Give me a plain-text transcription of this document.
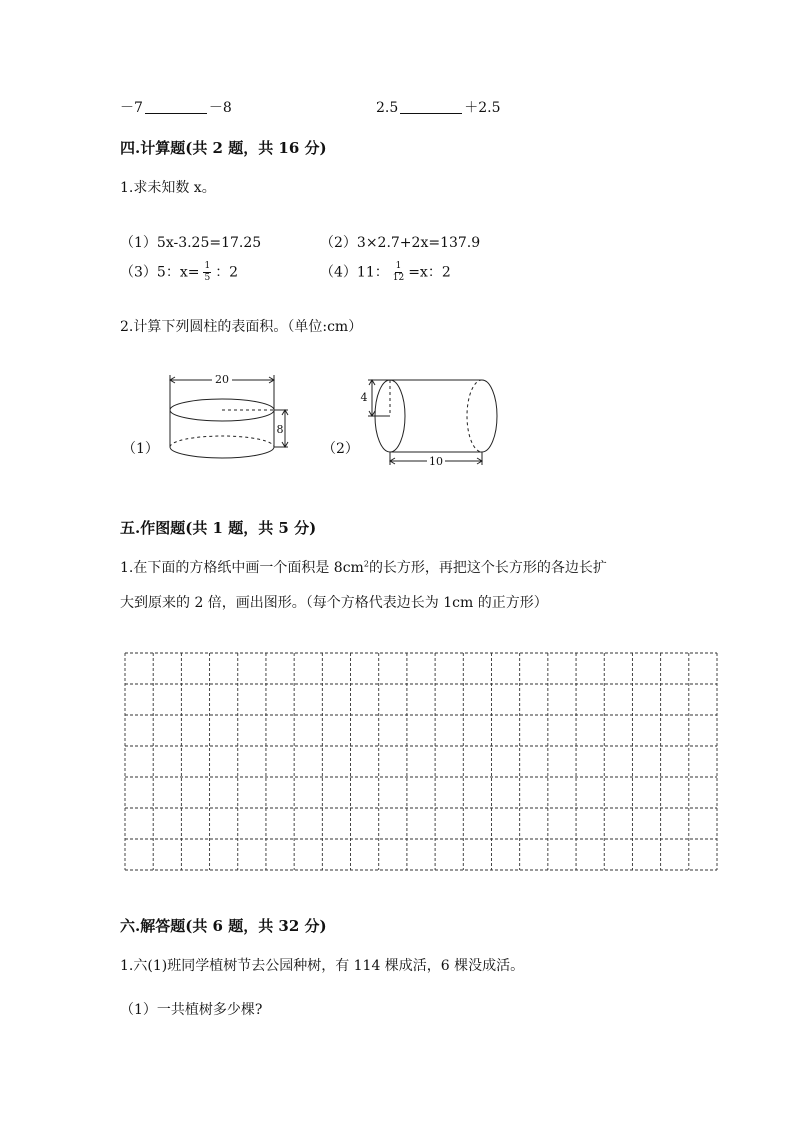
－7	－8	2.5	＋2.5
四.计算题(共 2 题，共 16 分)
1.求未知数 x。
（1）5x-3.25=17.25	（2）3×2.7+2x=137.9
（3）5：$x= \frac{1}{5}$ ：2	（4）11： $\frac{1}{12} =x$：2
2.计算下列圆柱的表面积。（单位:cm）
（1）
20
8
（2）
4
10
五.作图题(共 1 题，共 5 分)
1.在下面的方格纸中画一个面积是 $8cm^2$的长方形，再把这个长方形的各边长扩
大到原来的 2 倍，画出图形。（每个方格代表边长为 1cm 的正方形）
六.解答题(共 6 题，共 32 分)
1.六(1)班同学植树节去公园种树，有 114 棵成活，6 棵没成活。
（1）一共植树多少棵?
